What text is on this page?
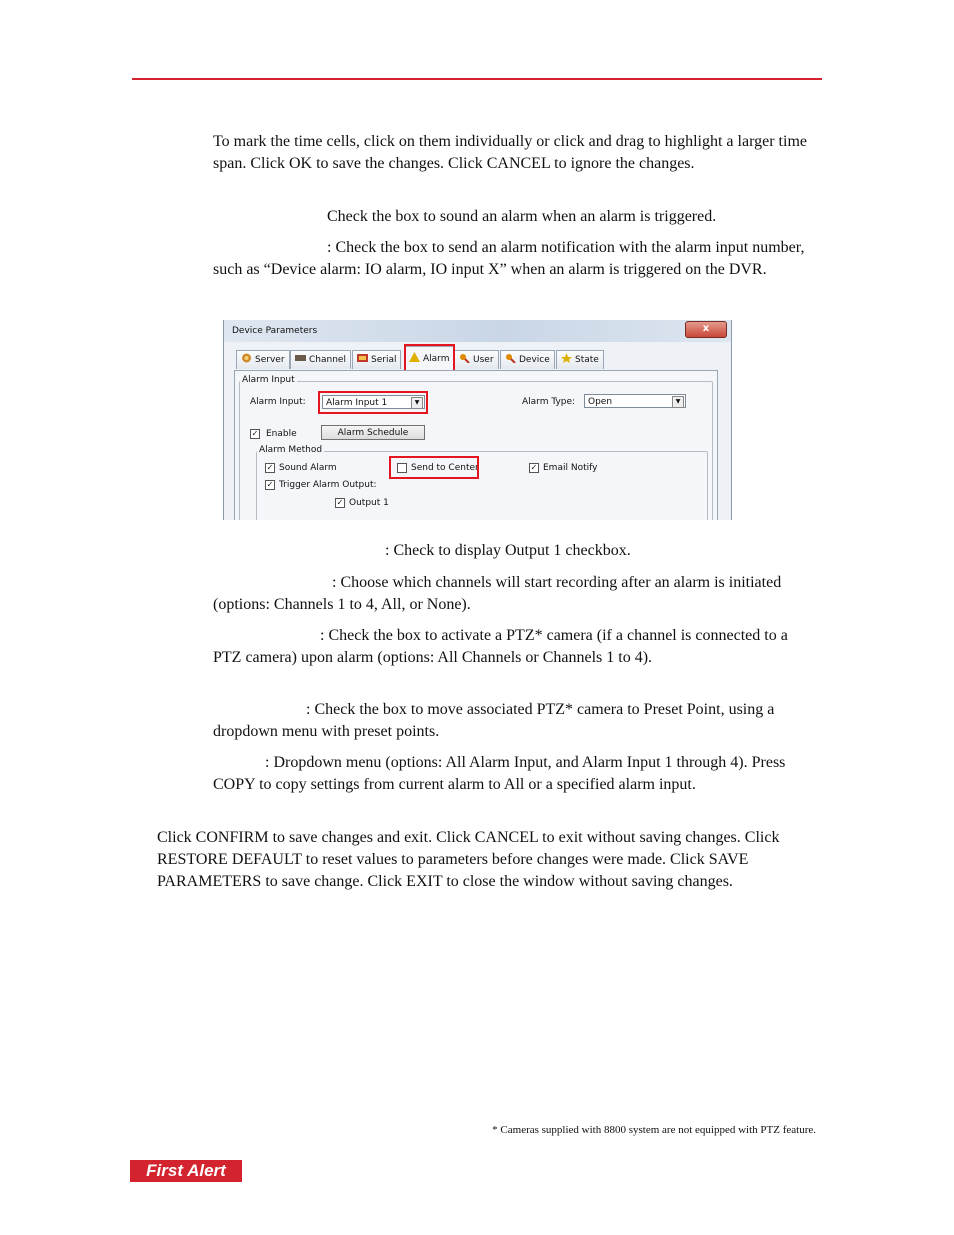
To mark the time cells, click on them individually or click and drag to highlight a larger time span. Click OK to save the changes. Click CANCEL to ignore the changes.

Check the box to sound an alarm when an alarm is triggered.

: Check the box to send an alarm notification with the alarm input number, such as “Device alarm: IO alarm, IO input X” when an alarm is triggered on the DVR.

Device Parameters	x
Server	Channel	Serial	Alarm	User	Device	State
Alarm Input
Alarm Input:	Alarm Input 1	▼	Alarm Type:	Open	▼
✓ Enable	Alarm Schedule
Alarm Method
✓ Sound Alarm	Send to Center	✓ Email Notify
✓ Trigger Alarm Output:
✓ Output 1

: Check to display Output 1 checkbox.

: Choose which channels will start recording after an alarm is initiated (options: Channels 1 to 4, All, or None).

: Check the box to activate a PTZ* camera (if a channel is connected to a PTZ camera) upon alarm (options: All Channels or Channels 1 to 4).

: Check the box to move associated PTZ* camera to Preset Point, using a dropdown menu with preset points.

: Dropdown menu (options: All Alarm Input, and Alarm Input 1 through 4). Press COPY to copy settings from current alarm to All or a specified alarm input.

Click CONFIRM to save changes and exit. Click CANCEL to exit without saving changes. Click RESTORE DEFAULT to reset values to parameters before changes were made. Click SAVE PARAMETERS to save change. Click EXIT to close the window without saving changes.

* Cameras supplied with 8800 system are not equipped with PTZ feature.
First Alert
